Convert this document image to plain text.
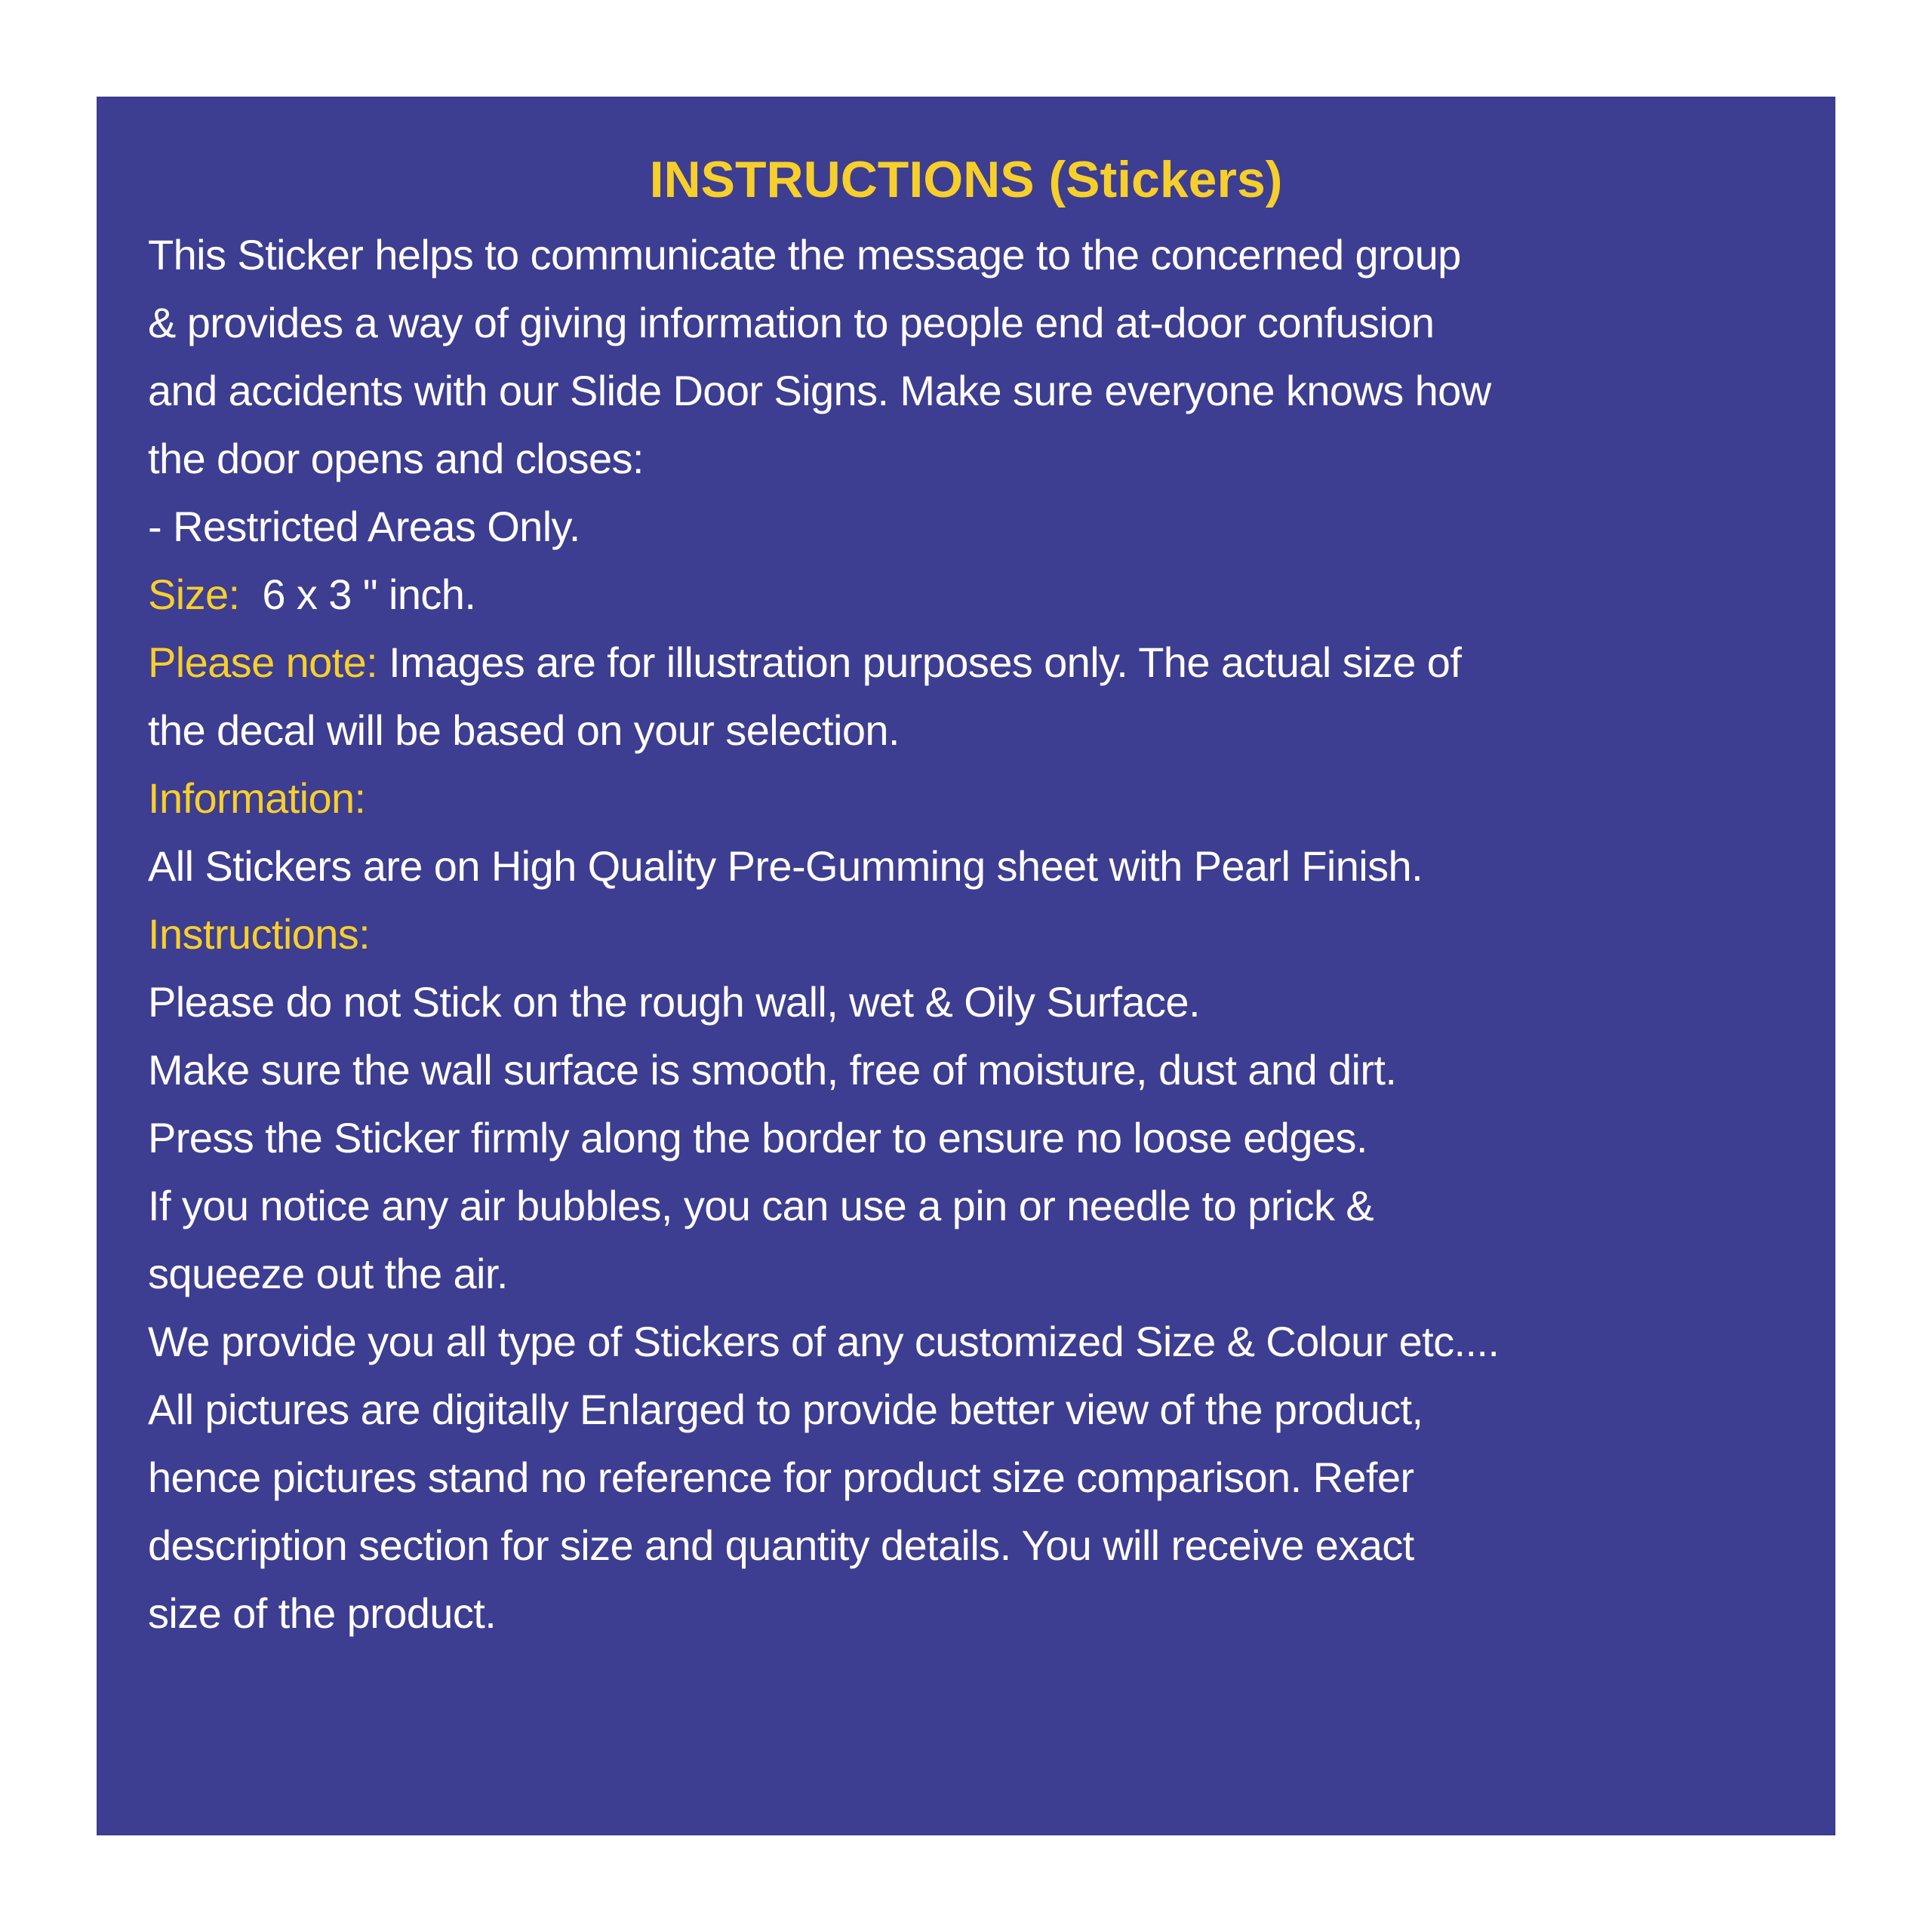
INSTRUCTIONS (Stickers)
This Sticker helps to communicate the message to the concerned group
& provides a way of giving information to people end at-door confusion
and accidents with our Slide Door Signs. Make sure everyone knows how
the door opens and closes:
- Restricted Areas Only.
Size: 6 x 3 " inch.
Please note: Images are for illustration purposes only. The actual size of
the decal will be based on your selection.
Information:
All Stickers are on High Quality Pre-Gumming sheet with Pearl Finish.
Instructions:
Please do not Stick on the rough wall, wet & Oily Surface.
Make sure the wall surface is smooth, free of moisture, dust and dirt.
Press the Sticker firmly along the border to ensure no loose edges.
If you notice any air bubbles, you can use a pin or needle to prick &
squeeze out the air.
We provide you all type of Stickers of any customized Size & Colour etc....
All pictures are digitally Enlarged to provide better view of the product,
hence pictures stand no reference for product size comparison. Refer
description section for size and quantity details. You will receive exact
size of the product.
